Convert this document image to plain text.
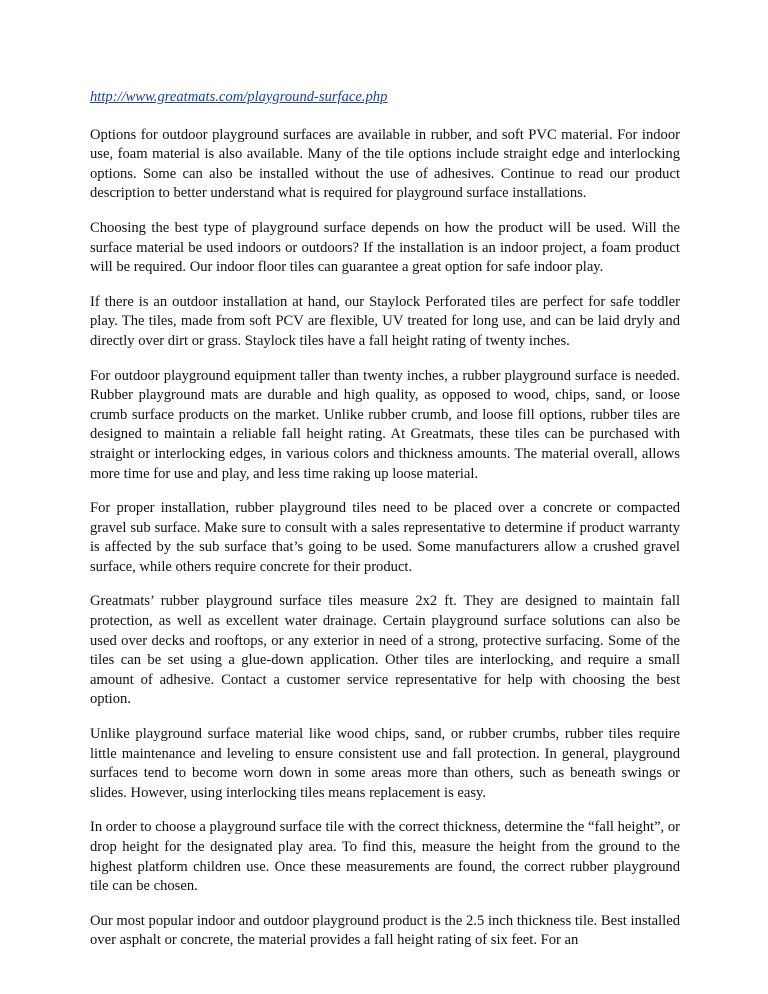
http://www.greatmats.com/playground-surface.php

Options for outdoor playground surfaces are available in rubber, and soft PVC material. For indoor use, foam material is also available. Many of the tile options include straight edge and interlocking options. Some can also be installed without the use of adhesives. Continue to read our product description to better understand what is required for playground surface installations.

Choosing the best type of playground surface depends on how the product will be used. Will the surface material be used indoors or outdoors? If the installation is an indoor project, a foam product will be required. Our indoor floor tiles can guarantee a great option for safe indoor play.

If there is an outdoor installation at hand, our Staylock Perforated tiles are perfect for safe toddler play. The tiles, made from soft PCV are flexible, UV treated for long use, and can be laid dryly and directly over dirt or grass. Staylock tiles have a fall height rating of twenty inches.

For outdoor playground equipment taller than twenty inches, a rubber playground surface is needed. Rubber playground mats are durable and high quality, as opposed to wood, chips, sand, or loose crumb surface products on the market. Unlike rubber crumb, and loose fill options, rubber tiles are designed to maintain a reliable fall height rating. At Greatmats, these tiles can be purchased with straight or interlocking edges, in various colors and thickness amounts. The material overall, allows more time for use and play, and less time raking up loose material.

For proper installation, rubber playground tiles need to be placed over a concrete or compacted gravel sub surface. Make sure to consult with a sales representative to determine if product warranty is affected by the sub surface that’s going to be used. Some manufacturers allow a crushed gravel surface, while others require concrete for their product.

Greatmats’ rubber playground surface tiles measure 2x2 ft. They are designed to maintain fall protection, as well as excellent water drainage. Certain playground surface solutions can also be used over decks and rooftops, or any exterior in need of a strong, protective surfacing. Some of the tiles can be set using a glue-down application. Other tiles are interlocking, and require a small amount of adhesive. Contact a customer service representative for help with choosing the best option.

Unlike playground surface material like wood chips, sand, or rubber crumbs, rubber tiles require little maintenance and leveling to ensure consistent use and fall protection. In general, playground surfaces tend to become worn down in some areas more than others, such as beneath swings or slides. However, using interlocking tiles means replacement is easy.

In order to choose a playground surface tile with the correct thickness, determine the “fall height”, or drop height for the designated play area. To find this, measure the height from the ground to the highest platform children use. Once these measurements are found, the correct rubber playground tile can be chosen.

Our most popular indoor and outdoor playground product is the 2.5 inch thickness tile. Best installed over asphalt or concrete, the material provides a fall height rating of six feet. For an
